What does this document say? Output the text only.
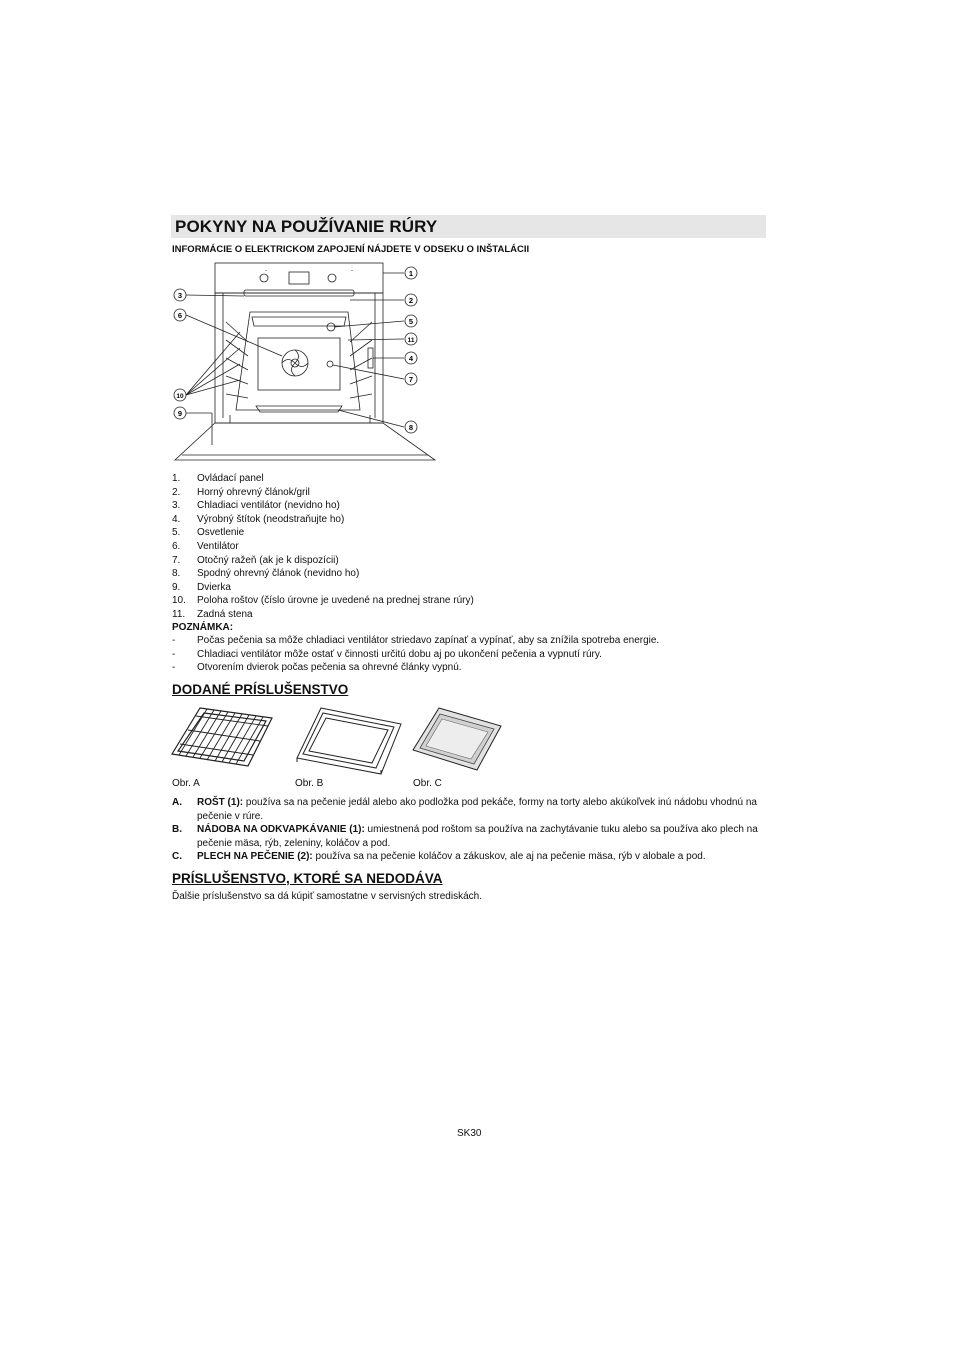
POKYNY NA POUŽÍVANIE RÚRY
INFORMÁCIE O ELEKTRICKOM ZAPOJENÍ NÁJDETE V ODSEKU O INŠTALÁCII
1
2
3
4
5
6
7
8
9
10
11
1. Ovládací panel
2. Horný ohrevný článok/gril
3. Chladiaci ventilátor (nevidno ho)
4. Výrobný štítok (neodstraňujte ho)
5. Osvetlenie
6. Ventilátor
7. Otočný ražeň (ak je k dispozícii)
8. Spodný ohrevný článok (nevidno ho)
9. Dvierka
10. Poloha roštov (číslo úrovne je uvedené na prednej strane rúry)
11. Zadná stena
POZNÁMKA:
- Počas pečenia sa môže chladiaci ventilátor striedavo zapínať a vypínať, aby sa znížila spotreba energie.
- Chladiaci ventilátor môže ostať v činnosti určitú dobu aj po ukončení pečenia a vypnutí rúry.
- Otvorením dvierok počas pečenia sa ohrevné články vypnú.
DODANÉ PRÍSLUŠENSTVO
Obr. A	Obr. B	Obr. C
A. ROŠT (1): používa sa na pečenie jedál alebo ako podložka pod pekáče, formy na torty alebo akúkoľvek inú nádobu vhodnú na pečenie v rúre.
B. NÁDOBA NA ODKVAPKÁVANIE (1): umiestnená pod roštom sa používa na zachytávanie tuku alebo sa používa ako plech na pečenie mäsa, rýb, zeleniny, koláčov a pod.
C. PLECH NA PEČENIE (2): používa sa na pečenie koláčov a zákuskov, ale aj na pečenie mäsa, rýb v alobale a pod.
PRÍSLUŠENSTVO, KTORÉ SA NEDODÁVA
Ďalšie príslušenstvo sa dá kúpiť samostatne v servisných strediskách.
SK30
